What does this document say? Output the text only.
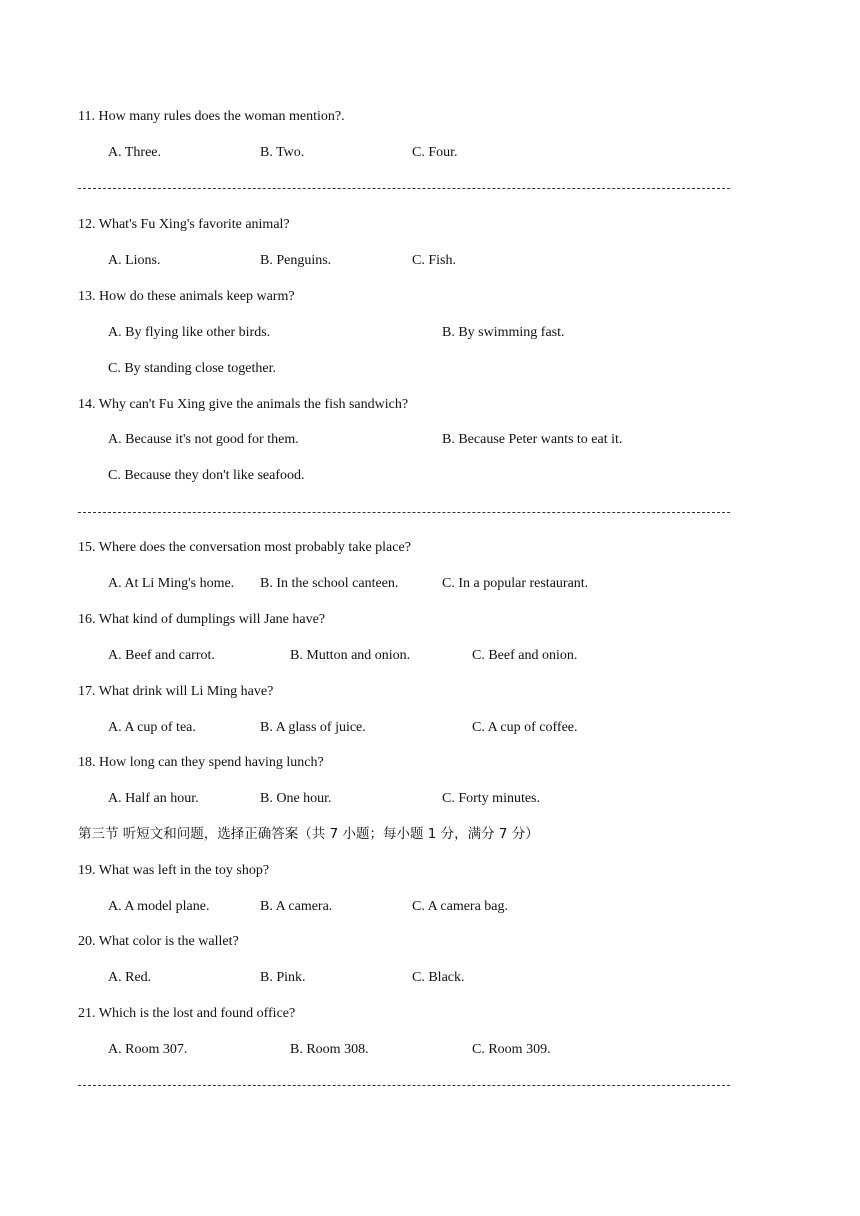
11. How many rules does the woman mention?.
A. Three.	B. Two.	C. Four.
12. What's Fu Xing's favorite animal?
A. Lions.	B. Penguins.	C. Fish.
13. How do these animals keep warm?
A. By flying like other birds.	B. By swimming fast.
C. By standing close together.
14. Why can't Fu Xing give the animals the fish sandwich?
A. Because it's not good for them.	B. Because Peter wants to eat it.
C. Because they don't like seafood.
15. Where does the conversation most probably take place?
A. At Li Ming's home. B. In the school canteen.	C. In a popular restaurant.
16. What kind of dumplings will Jane have?
A. Beef and carrot.	B. Mutton and onion.	C. Beef and onion.
17. What drink will Li Ming have?
A. A cup of tea.	B. A glass of juice.	C. A cup of coffee.
18. How long can they spend having lunch?
A. Half an hour.	B. One hour.	C. Forty minutes.
第三节 听短文和问题，选择正确答案（共 7 小题；每小题 1 分，满分 7 分）
19. What was left in the toy shop?
A. A model plane.	B. A camera.	C. A camera bag.
20. What color is the wallet?
A. Red.	B. Pink.	C. Black.
21. Which is the lost and found office?
A. Room 307.	B. Room 308.	C. Room 309.
